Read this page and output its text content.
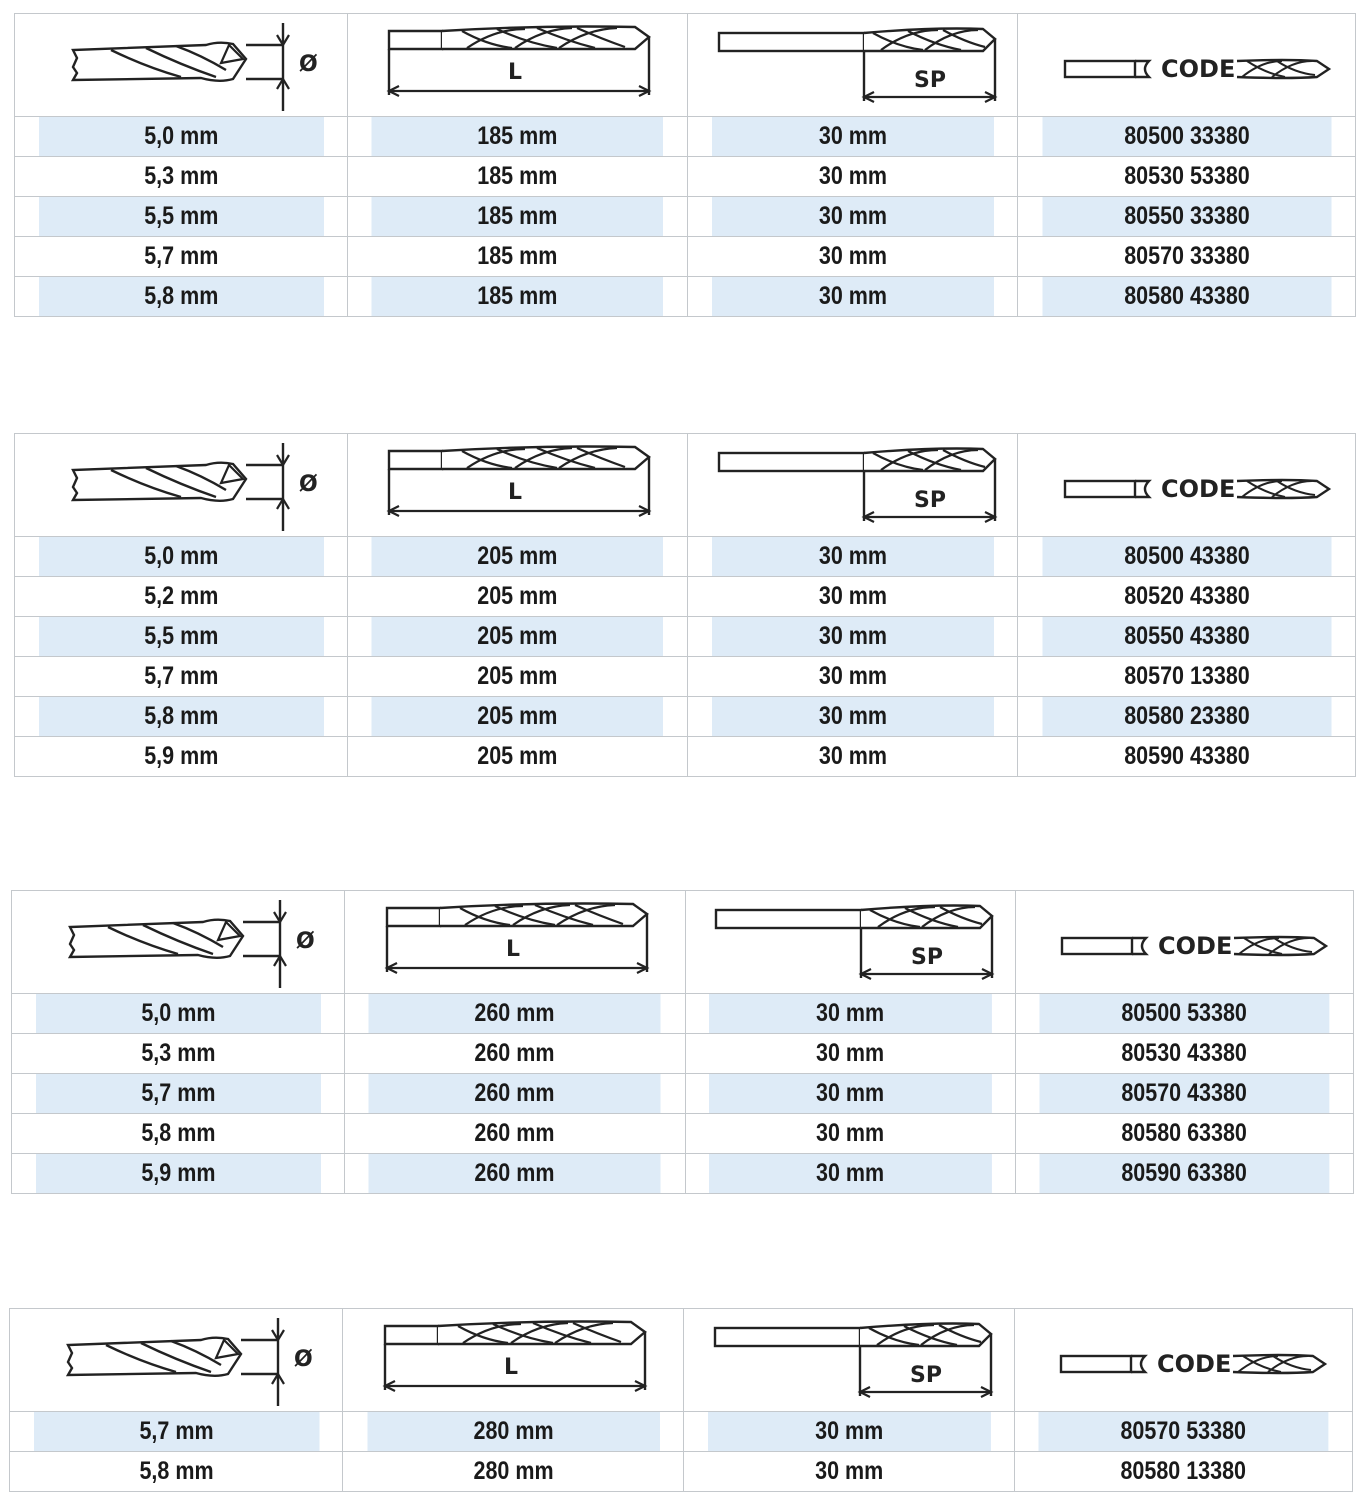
Ø	L	SP	CODE

5,0 mm	185 mm	30 mm	80500 33380
5,3 mm	185 mm	30 mm	80530 53380
5,5 mm	185 mm	30 mm	80550 33380
5,7 mm	185 mm	30 mm	80570 33380
5,8 mm	185 mm	30 mm	80580 43380
Ø	L	SP	CODE

5,0 mm	205 mm	30 mm	80500 43380
5,2 mm	205 mm	30 mm	80520 43380
5,5 mm	205 mm	30 mm	80550 43380
5,7 mm	205 mm	30 mm	80570 13380
5,8 mm	205 mm	30 mm	80580 23380
5,9 mm	205 mm	30 mm	80590 43380
Ø	L	SP	CODE

5,0 mm	260 mm	30 mm	80500 53380
5,3 mm	260 mm	30 mm	80530 43380
5,7 mm	260 mm	30 mm	80570 43380
5,8 mm	260 mm	30 mm	80580 63380
5,9 mm	260 mm	30 mm	80590 63380
Ø	L	SP	CODE

5,7 mm	280 mm	30 mm	80570 53380
5,8 mm	280 mm	30 mm	80580 13380
